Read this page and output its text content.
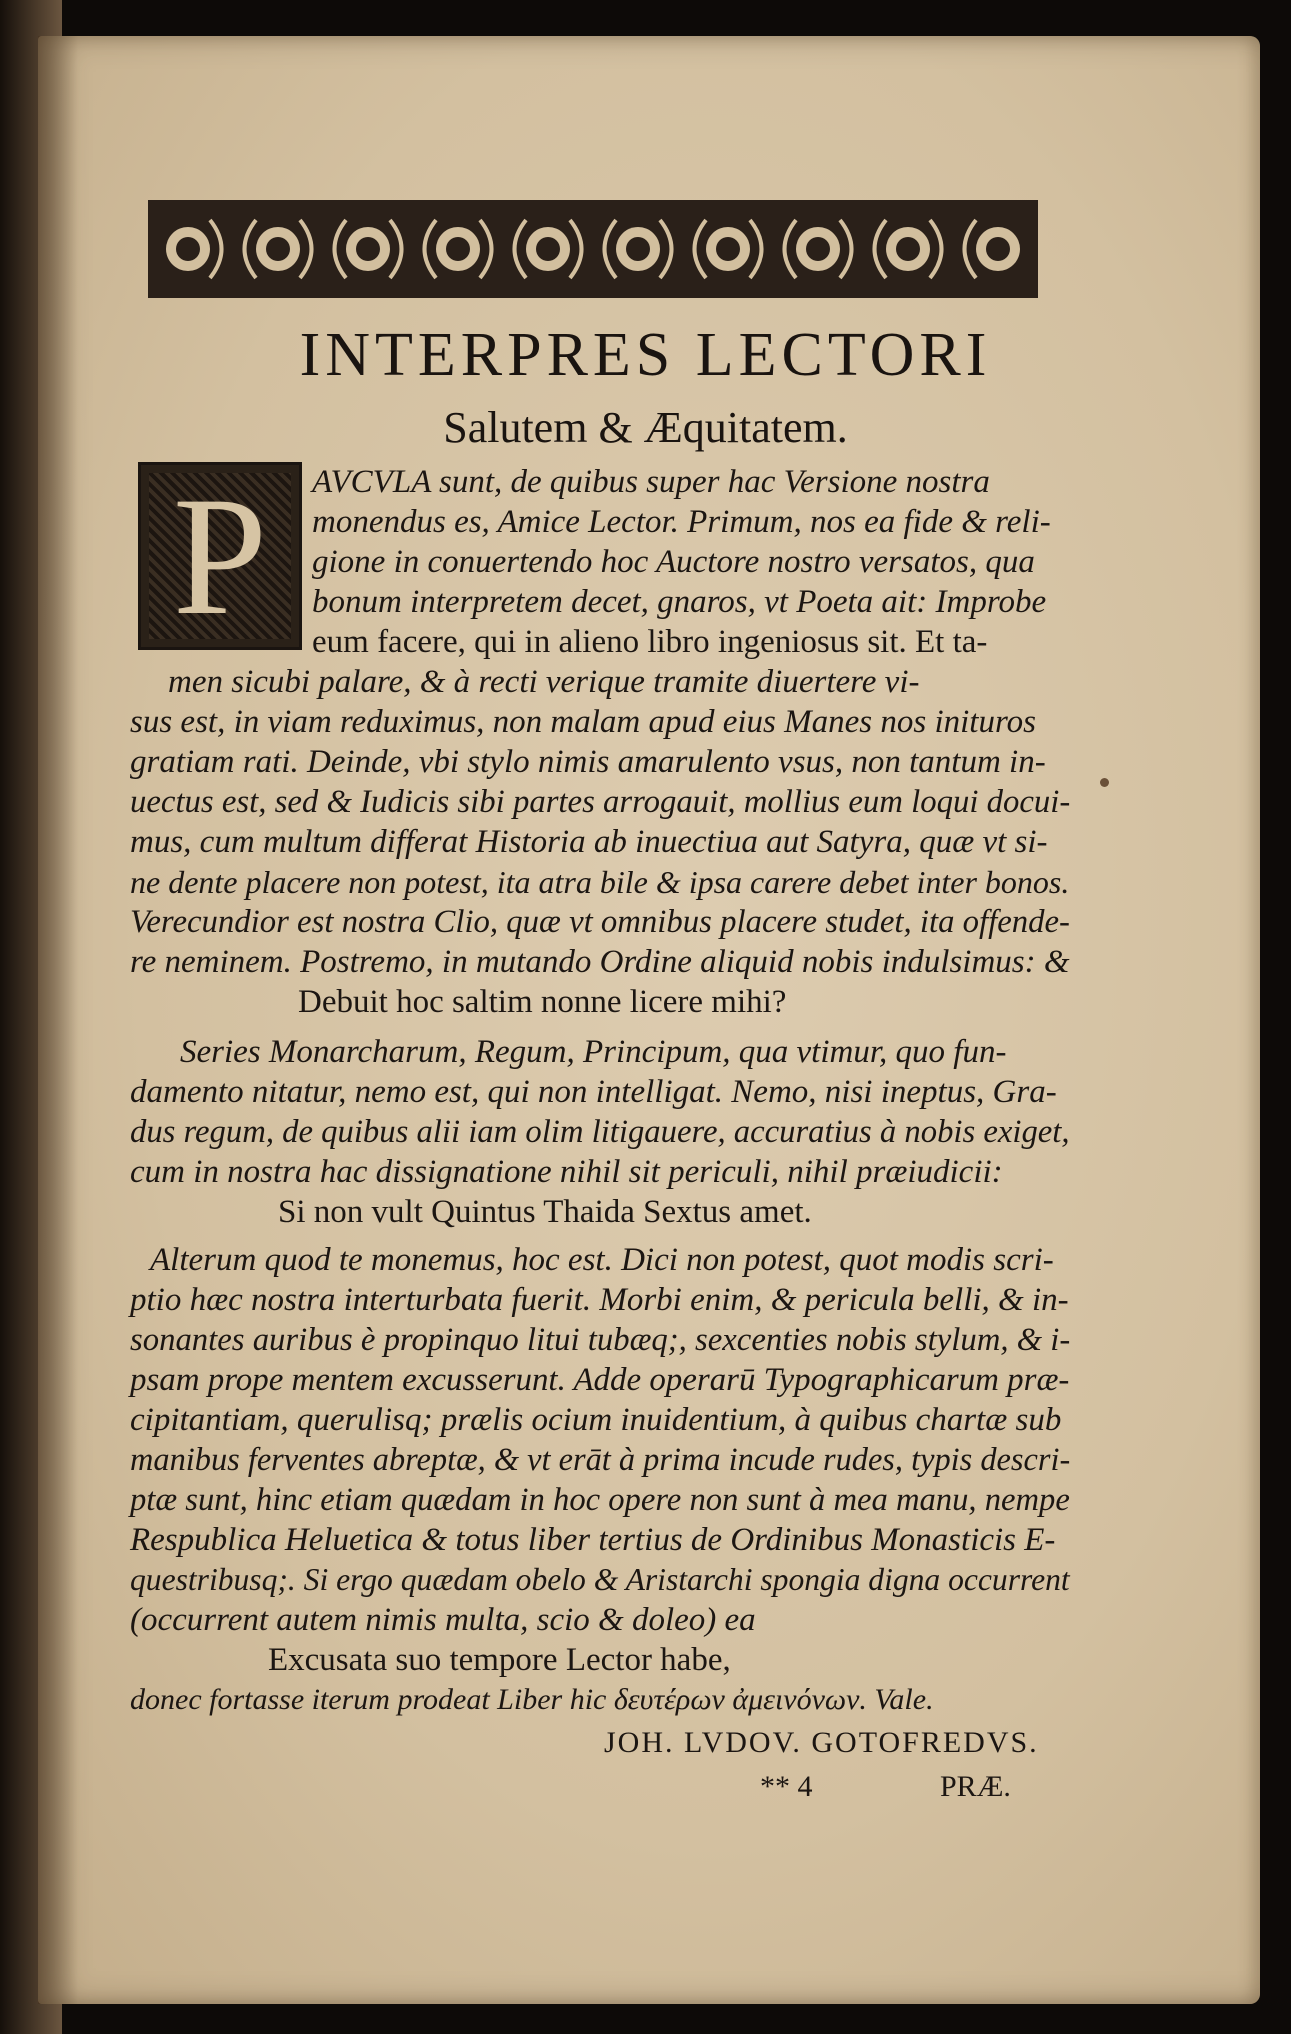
INTERPRES LECTORI
Salutem & Æquitatem.
P	AVCVLA sunt, de quibus super hac Versione nostra
monendus es, Amice Lector. Primum, nos ea fide & reli-
gione in conuertendo hoc Auctore nostro versatos, qua
bonum interpretem decet, gnaros, vt Poeta ait: Improbe
eum facere, qui in alieno libro ingeniosus sit. Et ta-
men sicubi palare, & à recti verique tramite diuertere vi-
sus est, in viam reduximus, non malam apud eius Manes nos inituros
gratiam rati. Deinde, vbi stylo nimis amarulento vsus, non tantum in-
uectus est, sed & Iudicis sibi partes arrogauit, mollius eum loqui docui-
mus, cum multum differat Historia ab inuectiua aut Satyra, quæ vt si-
ne dente placere non potest, ita atra bile & ipsa carere debet inter bonos.
Verecundior est nostra Clio, quæ vt omnibus placere studet, ita offende-
re neminem. Postremo, in mutando Ordine aliquid nobis indulsimus: &
Debuit hoc saltim nonne licere mihi?
Series Monarcharum, Regum, Principum, qua vtimur, quo fun-
damento nitatur, nemo est, qui non intelligat. Nemo, nisi ineptus, Gra-
dus regum, de quibus alii iam olim litigauere, accuratius à nobis exiget,
cum in nostra hac dissignatione nihil sit periculi, nihil præiudicii:
Si non vult Quintus Thaida Sextus amet.
Alterum quod te monemus, hoc est. Dici non potest, quot modis scri-
ptio hæc nostra interturbata fuerit. Morbi enim, & pericula belli, & in-
sonantes auribus è propinquo litui tubæq;, sexcenties nobis stylum, & i-
psam prope mentem excusserunt. Adde operarū Typographicarum præ-
cipitantiam, querulisq; prælis ocium inuidentium, à quibus chartæ sub
manibus ferventes abreptæ, & vt erāt à prima incude rudes, typis descri-
ptæ sunt, hinc etiam quædam in hoc opere non sunt à mea manu, nempe
Respublica Heluetica & totus liber tertius de Ordinibus Monasticis E-
questribusq;. Si ergo quædam obelo & Aristarchi spongia digna occurrent
(occurrent autem nimis multa, scio & doleo) ea
Excusata suo tempore Lector habe,
donec fortasse iterum prodeat Liber hic δευτέρων ἀμεινόνων. Vale.
JOH. LVDOV. GOTOFREDVS.
** 4	PRÆ.
